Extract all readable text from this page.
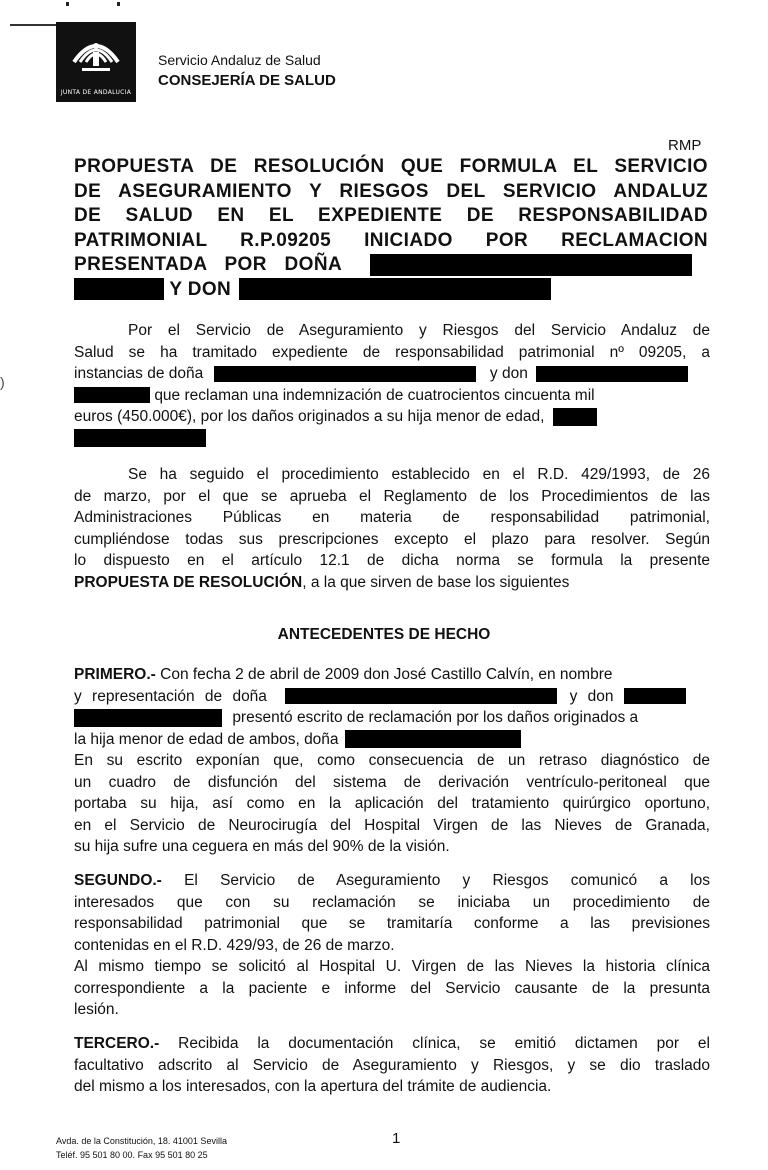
)
JUNTA DE ANDALUCIA
Servicio Andaluz de Salud
CONSEJERÍA DE SALUD
RMP
PROPUESTA DE RESOLUCIÓN QUE FORMULA EL SERVICIO
DE ASEGURAMIENTO Y RIESGOS DEL SERVICIO ANDALUZ
DE SALUD EN EL EXPEDIENTE DE RESPONSABILIDAD
PATRIMONIAL R.P.09205 INICIADO POR RECLAMACION
PRESENTADA POR DOÑA
Y DON
Por el Servicio de Aseguramiento y Riesgos del Servicio Andaluz de
Salud se ha tramitado expediente de responsabilidad patrimonial nº 09205, a
instancias de doña	y don
que reclaman una indemnización de cuatrocientos cincuenta mil
euros (450.000€), por los daños originados a su hija menor de edad,
Se ha seguido el procedimiento establecido en el R.D. 429/1993, de 26
de marzo, por el que se aprueba el Reglamento de los Procedimientos de las
Administraciones Públicas en materia de responsabilidad patrimonial,
cumpliéndose todas sus prescripciones excepto el plazo para resolver. Según
lo dispuesto en el artículo 12.1 de dicha norma se formula la presente
PROPUESTA DE RESOLUCIÓN, a la que sirven de base los siguientes
ANTECEDENTES DE HECHO
PRIMERO.- Con fecha 2 de abril de 2009 don José Castillo Calvín, en nombre
y representación de doña	y don
presentó escrito de reclamación por los daños originados a
la hija menor de edad de ambos, doña
En su escrito exponían que, como consecuencia de un retraso diagnóstico de
un cuadro de disfunción del sistema de derivación ventrículo-peritoneal que
portaba su hija, así como en la aplicación del tratamiento quirúrgico oportuno,
en el Servicio de Neurocirugía del Hospital Virgen de las Nieves de Granada,
su hija sufre una ceguera en más del 90% de la visión.
SEGUNDO.- El Servicio de Aseguramiento y Riesgos comunicó a los
interesados que con su reclamación se iniciaba un procedimiento de
responsabilidad patrimonial que se tramitaría conforme a las previsiones
contenidas en el R.D. 429/93, de 26 de marzo.
Al mismo tiempo se solicitó al Hospital U. Virgen de las Nieves la historia clínica
correspondiente a la paciente e informe del Servicio causante de la presunta
lesión.
TERCERO.- Recibida la documentación clínica, se emitió dictamen por el
facultativo adscrito al Servicio de Aseguramiento y Riesgos, y se dio traslado
del mismo a los interesados, con la apertura del trámite de audiencia.
Avda. de la Constitución, 18. 41001 Sevilla
Teléf. 95 501 80 00. Fax 95 501 80 25
1
